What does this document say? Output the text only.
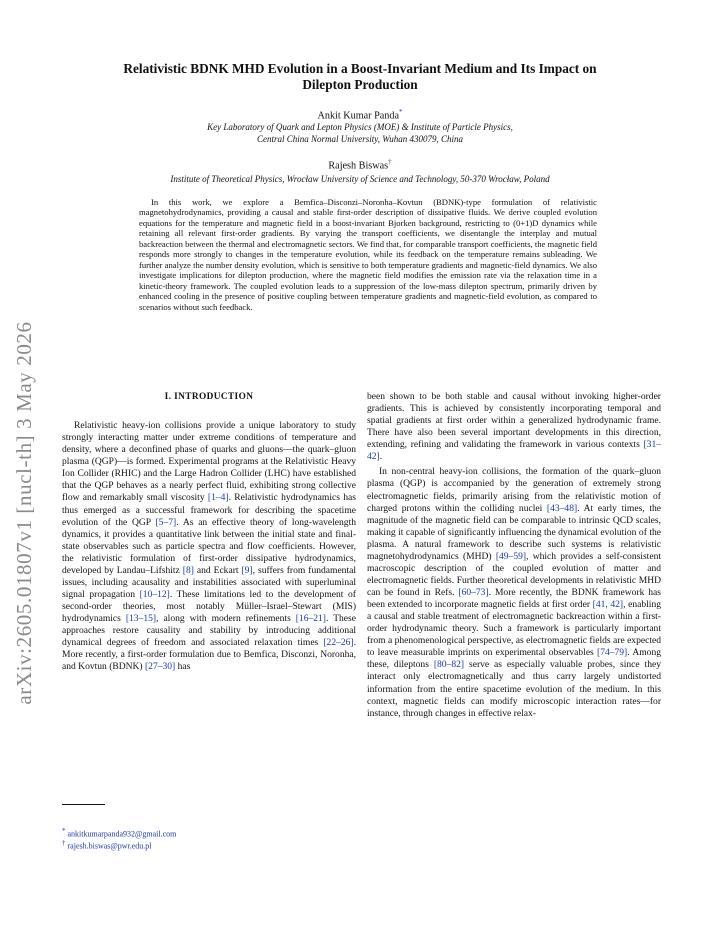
arXiv:2605.01807v1 [nucl-th] 3 May 2026
Relativistic BDNK MHD Evolution in a Boost-Invariant Medium and Its Impact on
Dilepton Production
Ankit Kumar Panda*
Key Laboratory of Quark and Lepton Physics (MOE) & Institute of Particle Physics,
Central China Normal University, Wuhan 430079, China
Rajesh Biswas†
Institute of Theoretical Physics, Wrocław University of Science and Technology, 50-370 Wrocław, Poland
In this work, we explore a Bemfica–Disconzi–Noronha–Kovtun (BDNK)-type formulation of relativistic magnetohydrodynamics, providing a causal and stable first-order description of dissipative fluids. We derive coupled evolution equations for the temperature and magnetic field in a boost-invariant Bjorken background, restricting to (0+1)D dynamics while retaining all relevant first-order gradients. By varying the transport coefficients, we disentangle the interplay and mutual backreaction between the thermal and electromagnetic sectors. We find that, for comparable transport coefficients, the magnetic field responds more strongly to changes in the temperature evolution, while its feedback on the temperature remains subleading. We further analyze the number density evolution, which is sensitive to both temperature gradients and magnetic-field dynamics. We also investigate implications for dilepton production, where the magnetic field modifies the emission rate via the relaxation time in a kinetic-theory framework. The coupled evolution leads to a suppression of the low-mass dilepton spectrum, primarily driven by enhanced cooling in the presence of positive coupling between temperature gradients and magnetic-field evolution, as compared to scenarios without such feedback.
I. INTRODUCTION

Relativistic heavy-ion collisions provide a unique laboratory to study strongly interacting matter under extreme conditions of temperature and density, where a deconfined phase of quarks and gluons—the quark–gluon plasma (QGP)—is formed. Experimental programs at the Relativistic Heavy Ion Collider (RHIC) and the Large Hadron Collider (LHC) have established that the QGP behaves as a nearly perfect fluid, exhibiting strong collective flow and remarkably small viscosity [1–4]. Relativistic hydrodynamics has thus emerged as a successful framework for describing the spacetime evolution of the QGP [5–7]. As an effective theory of long-wavelength dynamics, it provides a quantitative link between the initial state and final-state observables such as particle spectra and flow coefficients. However, the relativistic formulation of first-order dissipative hydrodynamics, developed by Landau–Lifshitz [8] and Eckart [9], suffers from fundamental issues, including acausality and instabilities associated with superluminal signal propagation [10–12]. These limitations led to the development of second-order theories, most notably Müller–Israel–Stewart (MIS) hydrodynamics [13–15], along with modern refinements [16–21]. These approaches restore causality and stability by introducing additional dynamical degrees of freedom and associated relaxation times [22–26]. More recently, a first-order formulation due to Bemfica, Disconzi, Noronha, and Kovtun (BDNK) [27–30] has

been shown to be both stable and causal without invoking higher-order gradients. This is achieved by consistently incorporating temporal and spatial gradients at first order within a generalized hydrodynamic frame. There have also been several important developments in this direction, extending, refining and validating the framework in various contexts [31–42].

In non-central heavy-ion collisions, the formation of the quark–gluon plasma (QGP) is accompanied by the generation of extremely strong electromagnetic fields, primarily arising from the relativistic motion of charged protons within the colliding nuclei [43–48]. At early times, the magnitude of the magnetic field can be comparable to intrinsic QCD scales, making it capable of significantly influencing the dynamical evolution of the plasma. A natural framework to describe such systems is relativistic magnetohydrodynamics (MHD) [49–59], which provides a self-consistent macroscopic description of the coupled evolution of matter and electromagnetic fields. Further theoretical developments in relativistic MHD can be found in Refs. [60–73]. More recently, the BDNK framework has been extended to incorporate magnetic fields at first order [41, 42], enabling a causal and stable treatment of electromagnetic backreaction within a first-order hydrodynamic theory. Such a framework is particularly important from a phenomenological perspective, as electromagnetic fields are expected to leave measurable imprints on experimental observables [74–79]. Among these, dileptons [80–82] serve as especially valuable probes, since they interact only electromagnetically and thus carry largely undistorted information from the entire spacetime evolution of the medium. In this context, magnetic fields can modify microscopic interaction rates—for instance, through changes in effective relax-

* ankitkumarpanda932@gmail.com
† rajesh.biswas@pwr.edu.pl
